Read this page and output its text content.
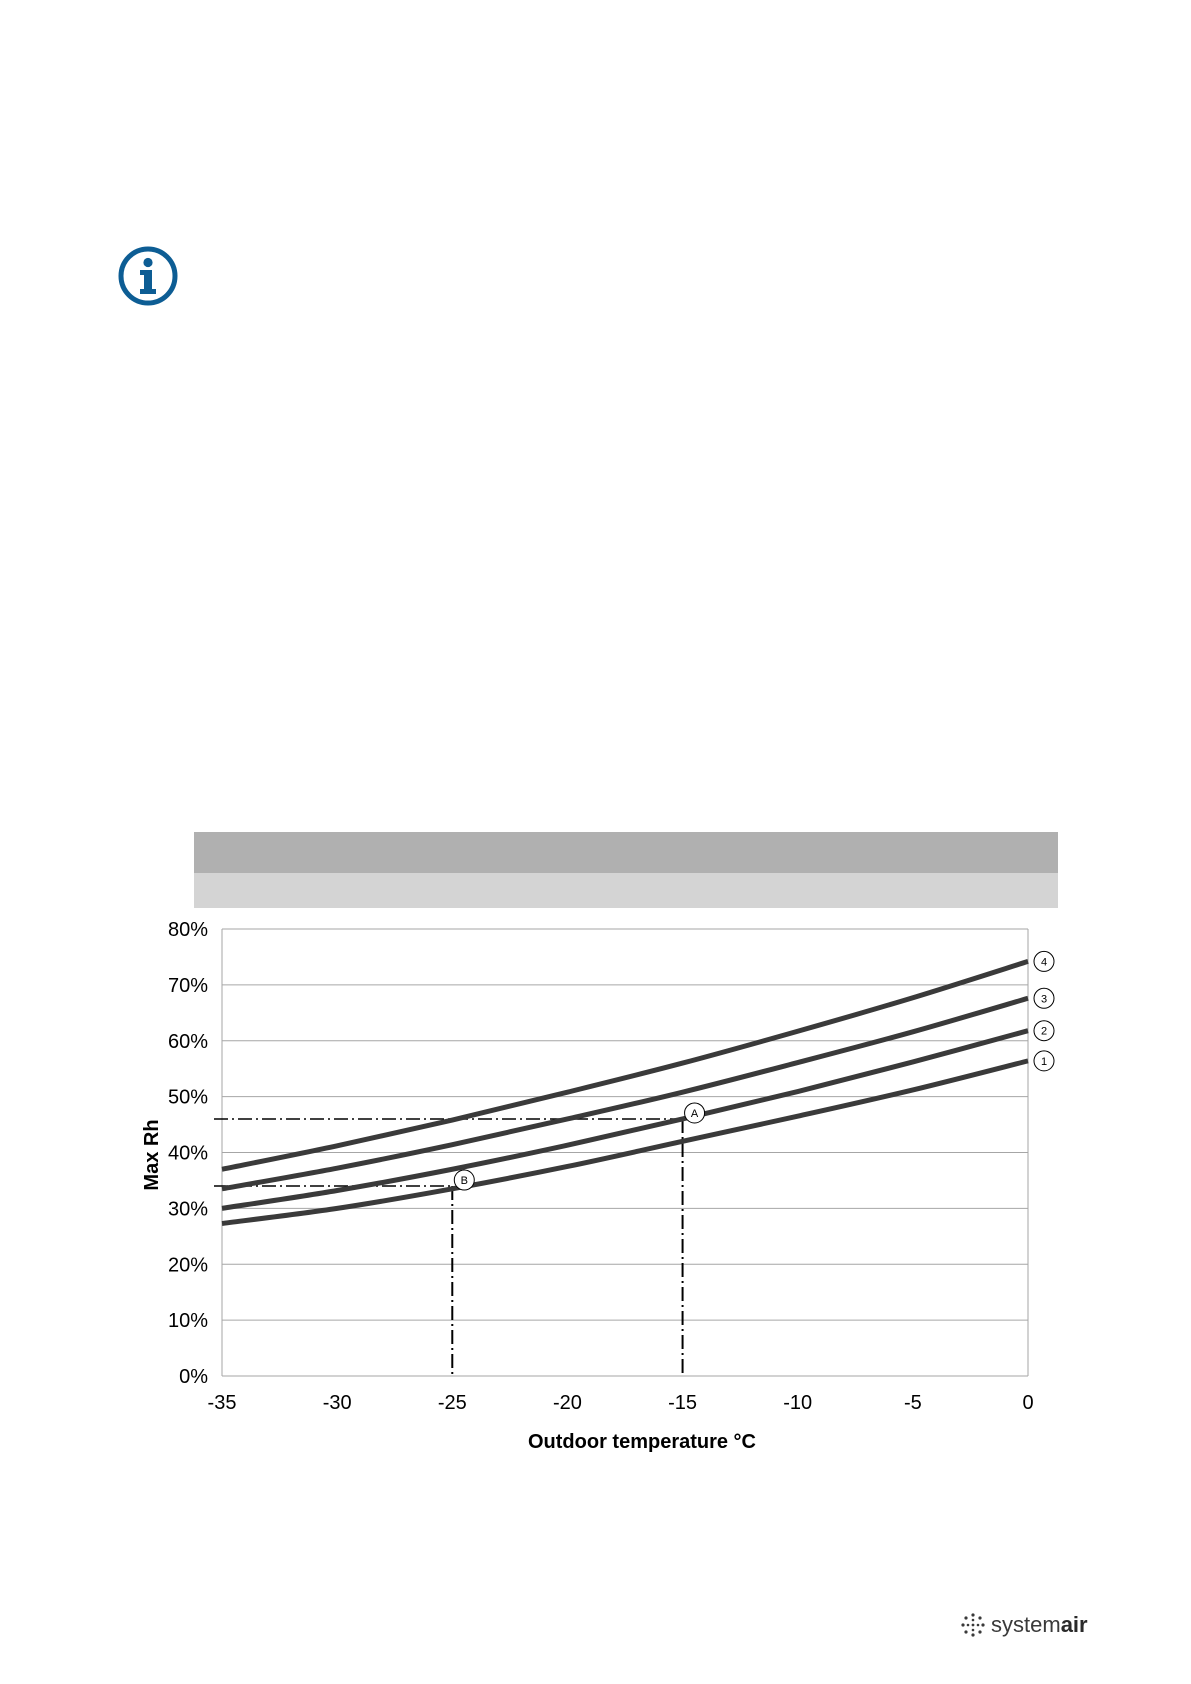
A
B
0%
10%
20%
30%
40%
50%
60%
70%
80%
-35	-30	-25	-20	-15	-10	-5	0
4
3
2
1
Outdoor temperature °C
Max Rh
systemair
